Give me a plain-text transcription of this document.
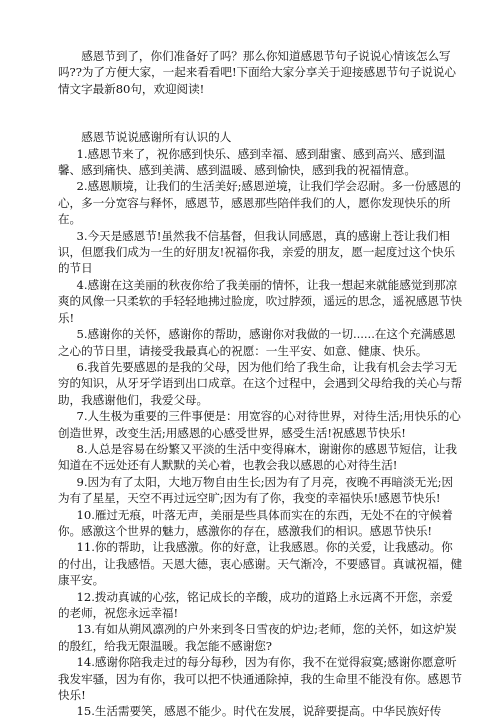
感恩节到了，你们准备好了吗？那么你知道感恩节句子说说心情该怎么写吗??为了方便大家，一起来看看吧!下面给大家分享关于迎接感恩节句子说说心情文字最新80句，欢迎阅读!

感恩节说说感谢所有认识的人

1.感恩节来了，祝你感到快乐、感到幸福、感到甜蜜、感到高兴、感到温馨、感到痛快、感到美满、感到温暖、感到愉快，感到我的祝福情意。

2.感恩顺境，让我们的生活美好;感恩逆境，让我们学会忍耐。多一份感恩的心，多一分宽容与释怀，感恩节，感恩那些陪伴我们的人，愿你发现快乐的所在。

3.今天是感恩节!虽然我不信基督，但我认同感恩，真的感谢上苍让我们相识，但愿我们成为一生的好朋友!祝福你我，亲爱的朋友，愿一起度过这个快乐的节日

4.感谢在这美丽的秋夜你给了我美丽的情怀，让我一想起来就能感觉到那凉爽的风像一只柔软的手轻轻地拂过脸庞，吹过脖颈，遥远的思念，遥祝感恩节快乐!

5.感谢你的关怀，感谢你的帮助，感谢你对我做的一切......在这个充满感恩之心的节日里，请接受我最真心的祝愿：一生平安、如意、健康、快乐。

6.我首先要感恩的是我的父母，因为他们给了我生命，让我有机会去学习无穷的知识，从牙牙学语到出口成章。在这个过程中，会遇到父母给我的关心与帮助，我感谢他们，我爱父母。

7.人生极为重要的三件事便是：用宽容的心对待世界，对待生活;用快乐的心创造世界，改变生活;用感恩的心感受世界，感受生活!祝感恩节快乐!

8.人总是容易在纷繁又平淡的生活中变得麻木，谢谢你的感恩节短信，让我知道在不远处还有人默默的关心着，也教会我以感恩的心对待生活!

9.因为有了太阳，大地万物自由生长;因为有了月亮，夜晚不再暗淡无光;因为有了星星，天空不再过远空旷;因为有了你，我变的幸福快乐!感恩节快乐!

10.雁过无痕，叶落无声，美丽是些具体而实在的东西，无处不在的守候着你。感激这个世界的魅力，感激你的存在，感激我们的相识。感恩节快乐!

11.你的帮助，让我感激。你的好意，让我感恩。你的关爱，让我感动。你的付出，让我感悟。天恩大德，衷心感谢。天气渐冷，不要感冒。真诚祝福，健康平安。

12.拨动真诚的心弦，铭记成长的辛酸，成功的道路上永远离不开您，亲爱的老师，祝您永远幸福!

13.有如从朔风凛冽的户外来到冬日雪夜的炉边;老师，您的关怀，如这炉炭的殷红，给我无限温暖。我怎能不感谢您?

14.感谢你陪我走过的每分每秒，因为有你，我不在觉得寂寞;感谢你愿意听我发牢骚，因为有你，我可以把不快通通除掉，我的生命里不能没有你。感恩节快乐!

15.生活需要笑，感恩不能少。时代在发展，说辞要提高。中华民族好传
